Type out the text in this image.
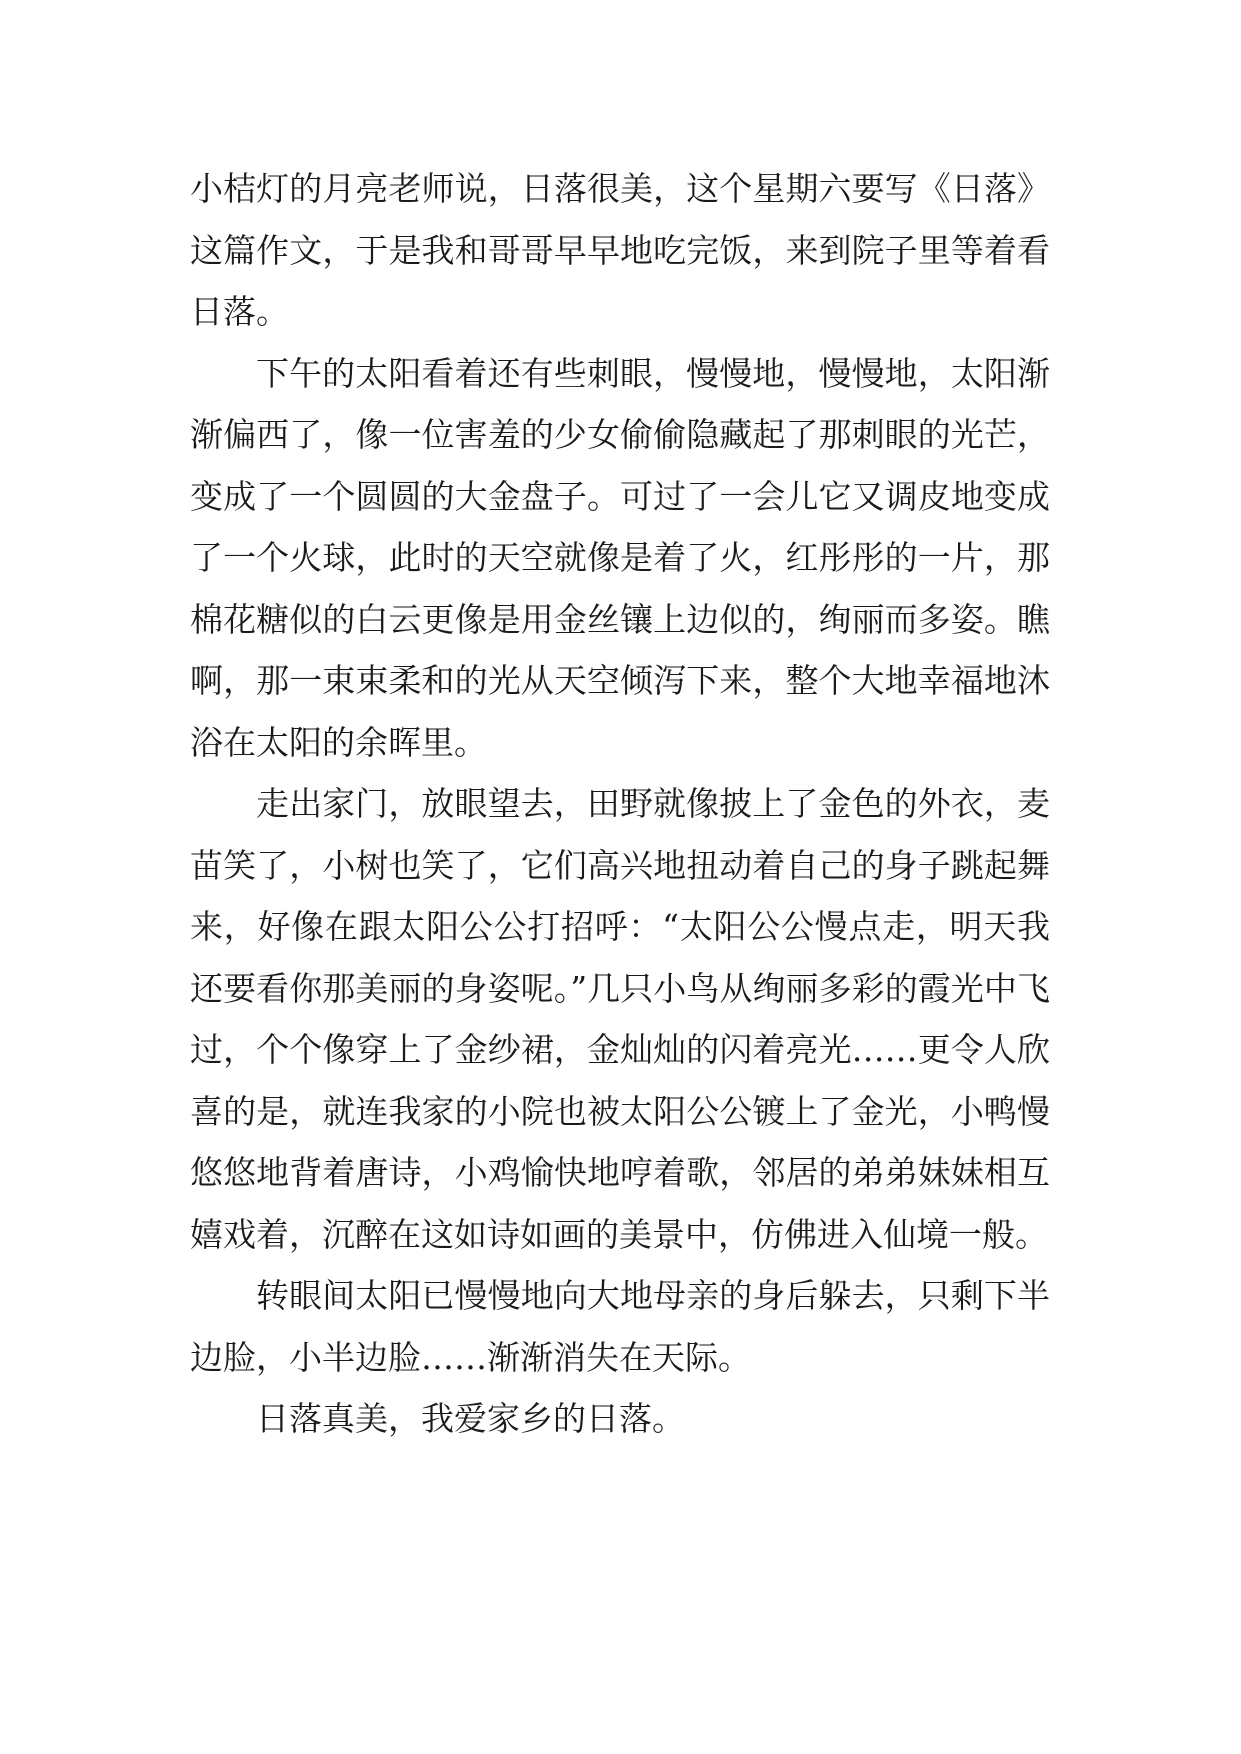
小桔灯的月亮老师说，日落很美，这个星期六要写《日落》这篇作文，于是我和哥哥早早地吃完饭，来到院子里等着看日落。

下午的太阳看着还有些刺眼，慢慢地，慢慢地，太阳渐渐偏西了，像一位害羞的少女偷偷隐藏起了那刺眼的光芒，变成了一个圆圆的大金盘子。可过了一会儿它又调皮地变成了一个火球，此时的天空就像是着了火，红彤彤的一片，那棉花糖似的白云更像是用金丝镶上边似的，绚丽而多姿。瞧啊，那一束束柔和的光从天空倾泻下来，整个大地幸福地沐浴在太阳的余晖里。

走出家门，放眼望去，田野就像披上了金色的外衣，麦苗笑了，小树也笑了，它们高兴地扭动着自己的身子跳起舞来，好像在跟太阳公公打招呼：“太阳公公慢点走，明天我还要看你那美丽的身姿呢。”几只小鸟从绚丽多彩的霞光中飞过，个个像穿上了金纱裙，金灿灿的闪着亮光……更令人欣喜的是，就连我家的小院也被太阳公公镀上了金光，小鸭慢悠悠地背着唐诗，小鸡愉快地哼着歌，邻居的弟弟妹妹相互嬉戏着，沉醉在这如诗如画的美景中，仿佛进入仙境一般。

转眼间太阳已慢慢地向大地母亲的身后躲去，只剩下半边脸，小半边脸……渐渐消失在天际。

日落真美，我爱家乡的日落。
